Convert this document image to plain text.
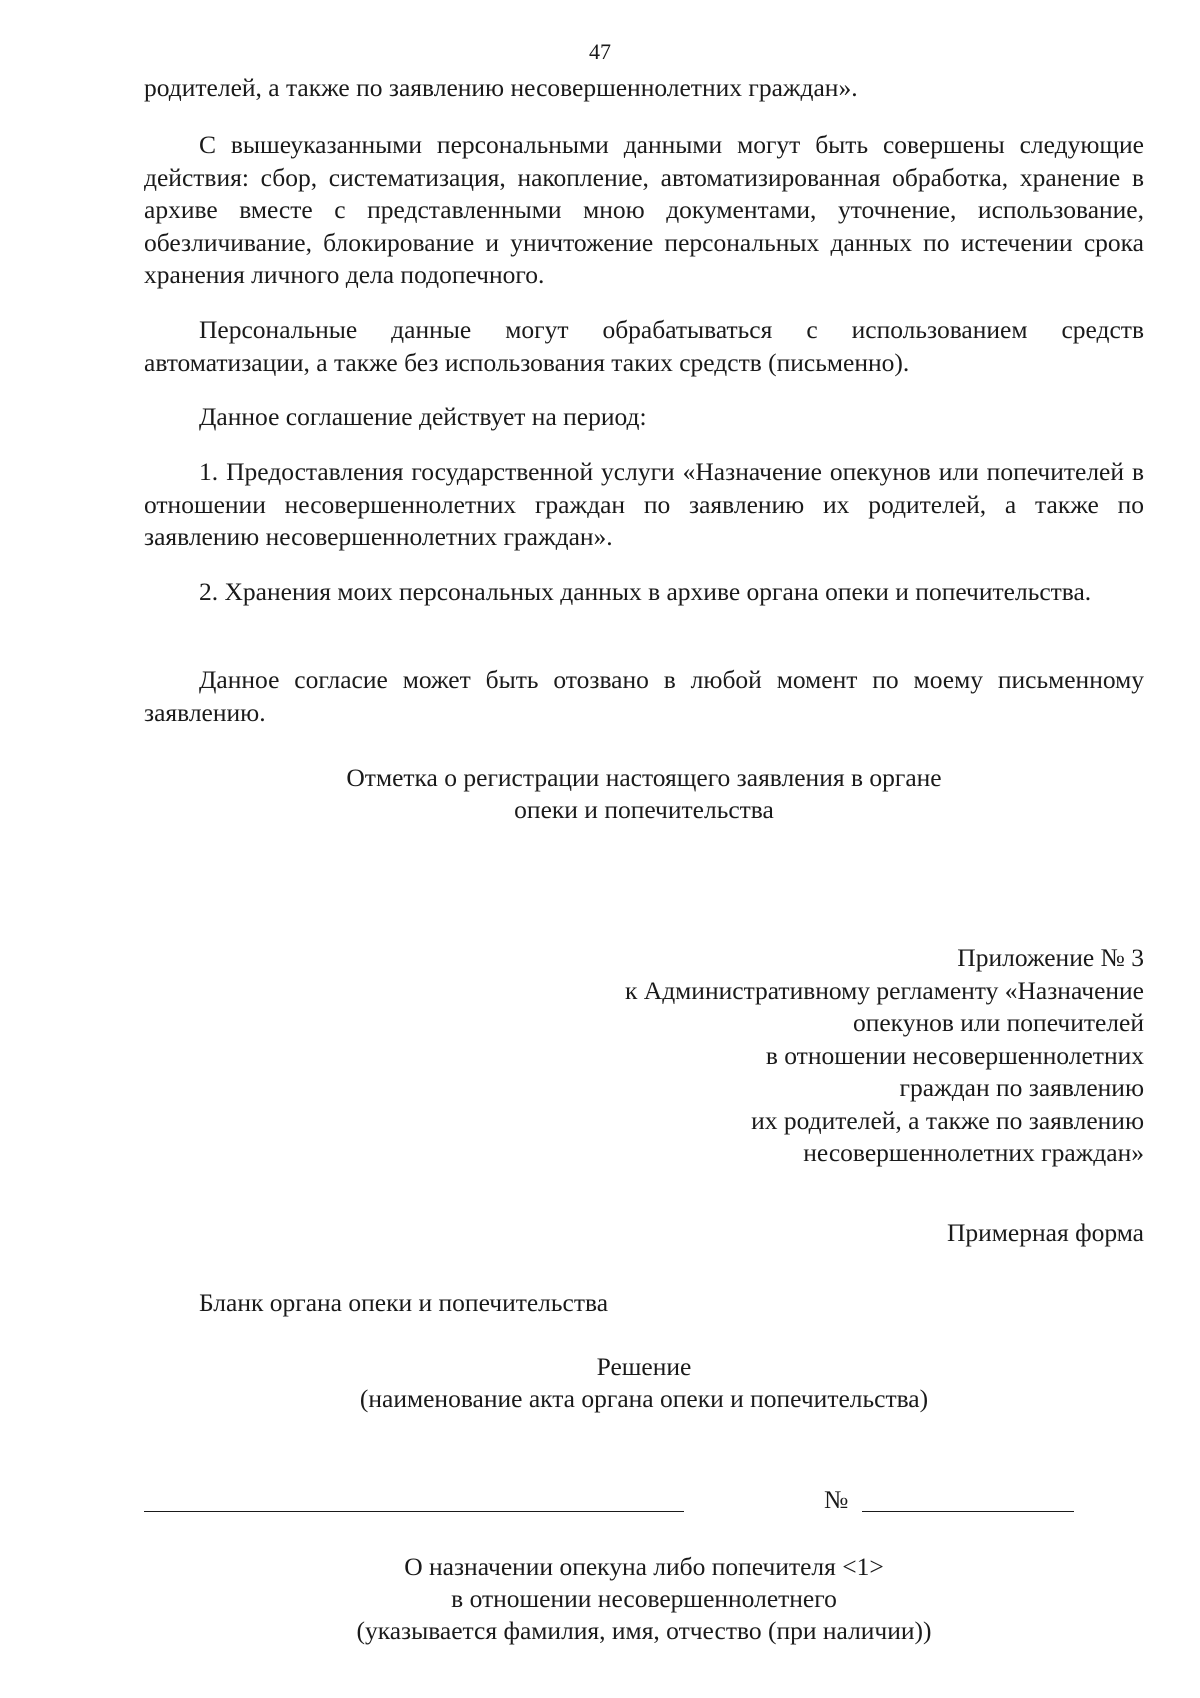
47

родителей, а также по заявлению несовершеннолетних граждан».

С вышеуказанными персональными данными могут быть совершены следующие действия: сбор, систематизация, накопление, автоматизированная обработка, хранение в архиве вместе с представленными мною документами, уточнение, использование, обезличивание, блокирование и уничтожение персональных данных по истечении срока хранения личного дела подопечного.

Персональные данные могут обрабатываться с использованием средств автоматизации, а также без использования таких средств (письменно).

Данное соглашение действует на период:

1. Предоставления государственной услуги «Назначение опекунов или попечителей в отношении несовершеннолетних граждан по заявлению их родителей, а также по заявлению несовершеннолетних граждан».

2. Хранения моих персональных данных в архиве органа опеки и попечительства.

Данное согласие может быть отозвано в любой момент по моему письменному заявлению.

Отметка о регистрации настоящего заявления в органе
опеки и попечительства
Приложение № 3
к Административному регламенту «Назначение
опекунов или попечителей
в отношении несовершеннолетних
граждан по заявлению
их родителей, а также по заявлению
несовершеннолетних граждан»
Примерная форма
Бланк органа опеки и попечительства
Решение
(наименование акта органа опеки и попечительства)
№
О назначении опекуна либо попечителя <1>
в отношении несовершеннолетнего
(указывается фамилия, имя, отчество (при наличии))
